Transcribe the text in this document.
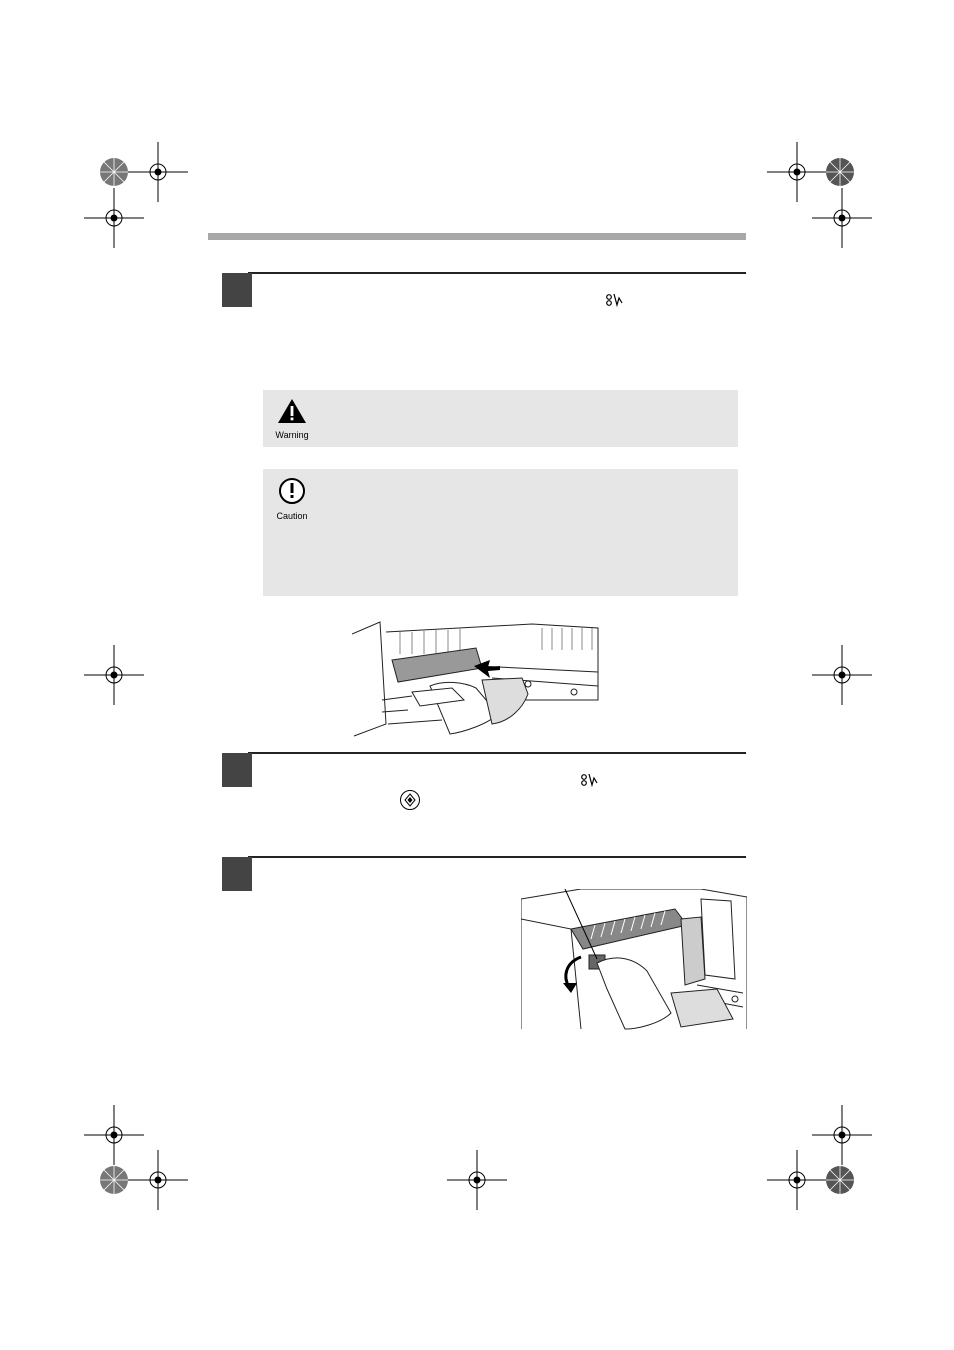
Warning
Caution
